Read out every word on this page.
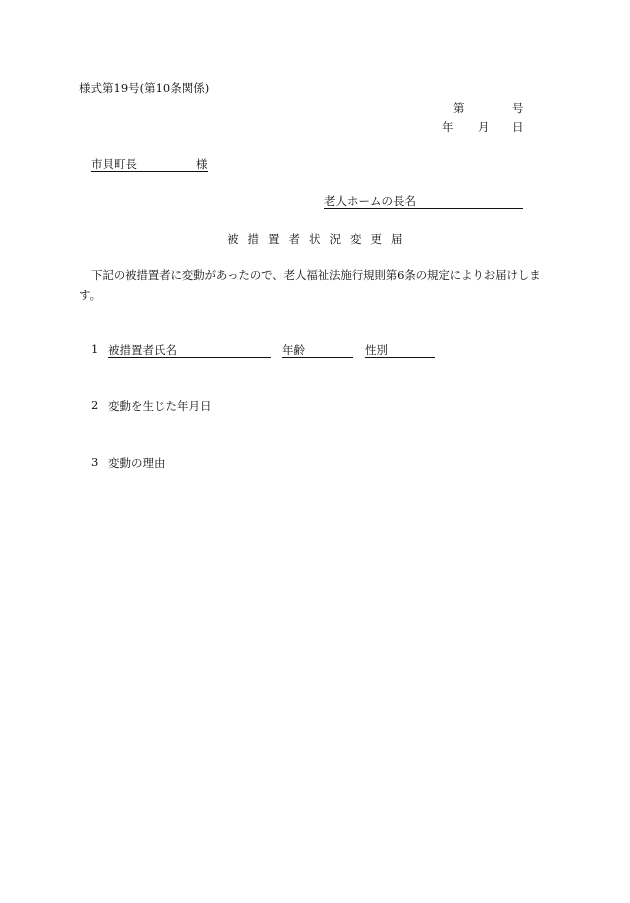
様式第19号(第10条関係)
第	号
年 月 日
市貝町長	様
老人ホームの長名
被 措 置 者 状 況 変 更 届
下記の被措置者に変動があったので、老人福祉法施行規則第6条の規定によりお届けしま
す。
1 被措置者氏名	年齢	性別
2 変動を生じた年月日
3 変動の理由
